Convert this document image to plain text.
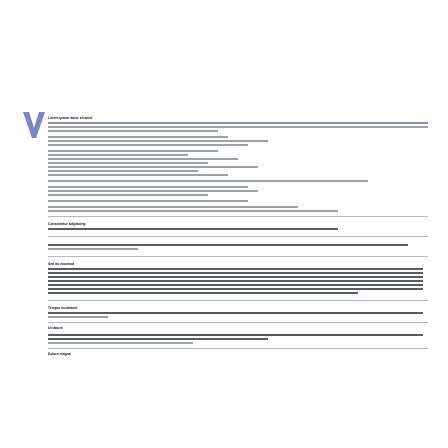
Lorem ipsum dolor sit amet
Consectetur adipiscing
Sed do eiusmod
Tempor incididunt
Ut labore
Dolore magna
